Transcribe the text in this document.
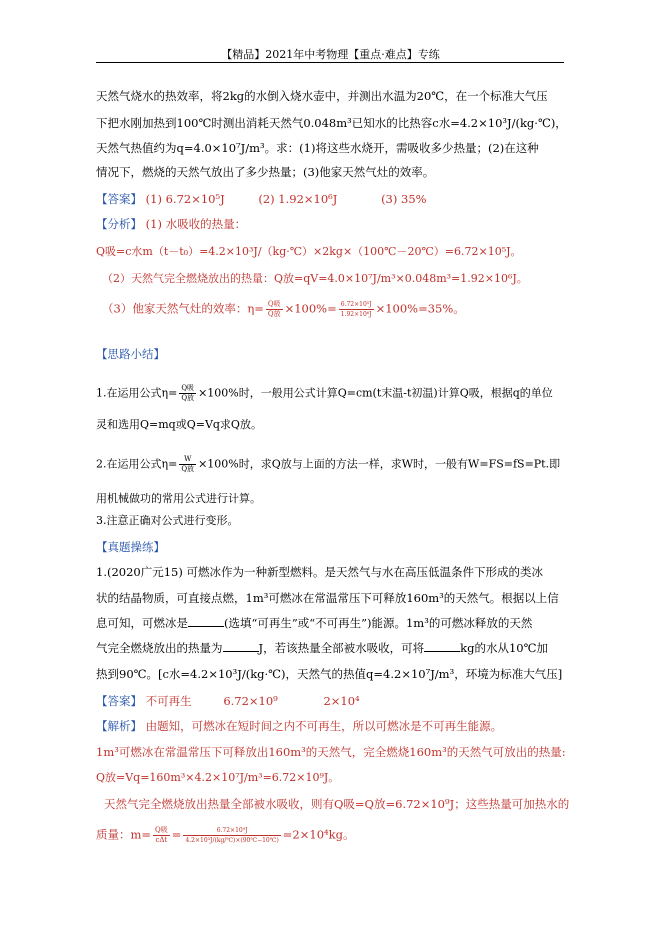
【精品】2021年中考物理【重点·难点】专练
天然气烧水的热效率，将2kg的水倒入烧水壶中，并测出水温为20℃，在一个标准大气压
下把水刚加热到100℃时测出消耗天然气0.048m³已知水的比热容c水=4.2×10³J/(kg·℃)，
天然气热值约为q=4.0×10⁷J/m³。求：(1)将这些水烧开，需吸收多少热量；(2)在这种
情况下，燃烧的天然气放出了多少热量；(3)他家天然气灶的效率。
【答案】 (1) 6.72×10⁵J	(2) 1.92×10⁶J	(3) 35%
【分析】 (1) 水吸收的热量：
Q吸=c水m（t－t₀）=4.2×10³J/（kg·℃）×2kg×（100℃－20℃）=6.72×10⁵J。
（2）天然气完全燃烧放出的热量：Q放=qV=4.0×10⁷J/m³×0.048m³=1.92×10⁶J。
（3）他家天然气灶的效率：$\eta= \frac{\text{Q吸}}{\text{Q放}} \times 100\%= \frac{\text{6.72×10⁵J}}{\text{1.92×10⁶J}} \times 100\%=35\%$。
【思路小结】
1.在运用公式$\eta= \frac{\text{Q吸}}{\text{Q放}} \times 100\%$时，一般用公式计算Q=cm(t末温-t初温)计算Q吸，根据q的单位
灵和选用Q=mq或Q=Vq求Q放。
2.在运用公式$\eta= \frac{W}{\text{Q放}} \times 100\%$时，求Q放与上面的方法一样，求W时，一般有W=FS=fS=Pt.即
用机械做功的常用公式进行计算。
3.注意正确对公式进行变形。
【真题操练】
1.(2020广元15) 可燃冰作为一种新型燃料。是天然气与水在高压低温条件下形成的类冰
状的结晶物质，可直接点燃，1m³可燃冰在常温常压下可释放160m³的天然气。根据以上信
息可知，可燃冰是	(选填“可再生”或“不可再生”)能源。1m³的可燃冰释放的天然
气完全燃烧放出的热量为	J，若该热量全部被水吸收，可将	kg的水从10℃加
热到90℃。[c水=4.2×10³J/(kg·℃)，天然气的热值q=4.2×10⁷J/m³，环境为标准大气压]
【答案】 不可再生	6.72×10⁹	2×10⁴
【解析】 由题知，可燃冰在短时间之内不可再生，所以可燃冰是不可再生能源。
1m³可燃冰在常温常压下可释放出160m³的天然气，完全燃烧160m³的天然气可放出的热量:
Q放=Vq=160m³×4.2×10⁷J/m³=6.72×10⁹J。
天然气完全燃烧放出热量全部被水吸收，则有Q吸=Q放=6.72×10⁹J；这些热量可加热水的
质量：$m= \frac{\text{Q吸}}{\text{cΔt}} = \frac{\text{6.72×10⁹J}}{\text{4.2×10³J/(kg/℃)×(90℃−10℃)}} =2\times 10^4kg$。
